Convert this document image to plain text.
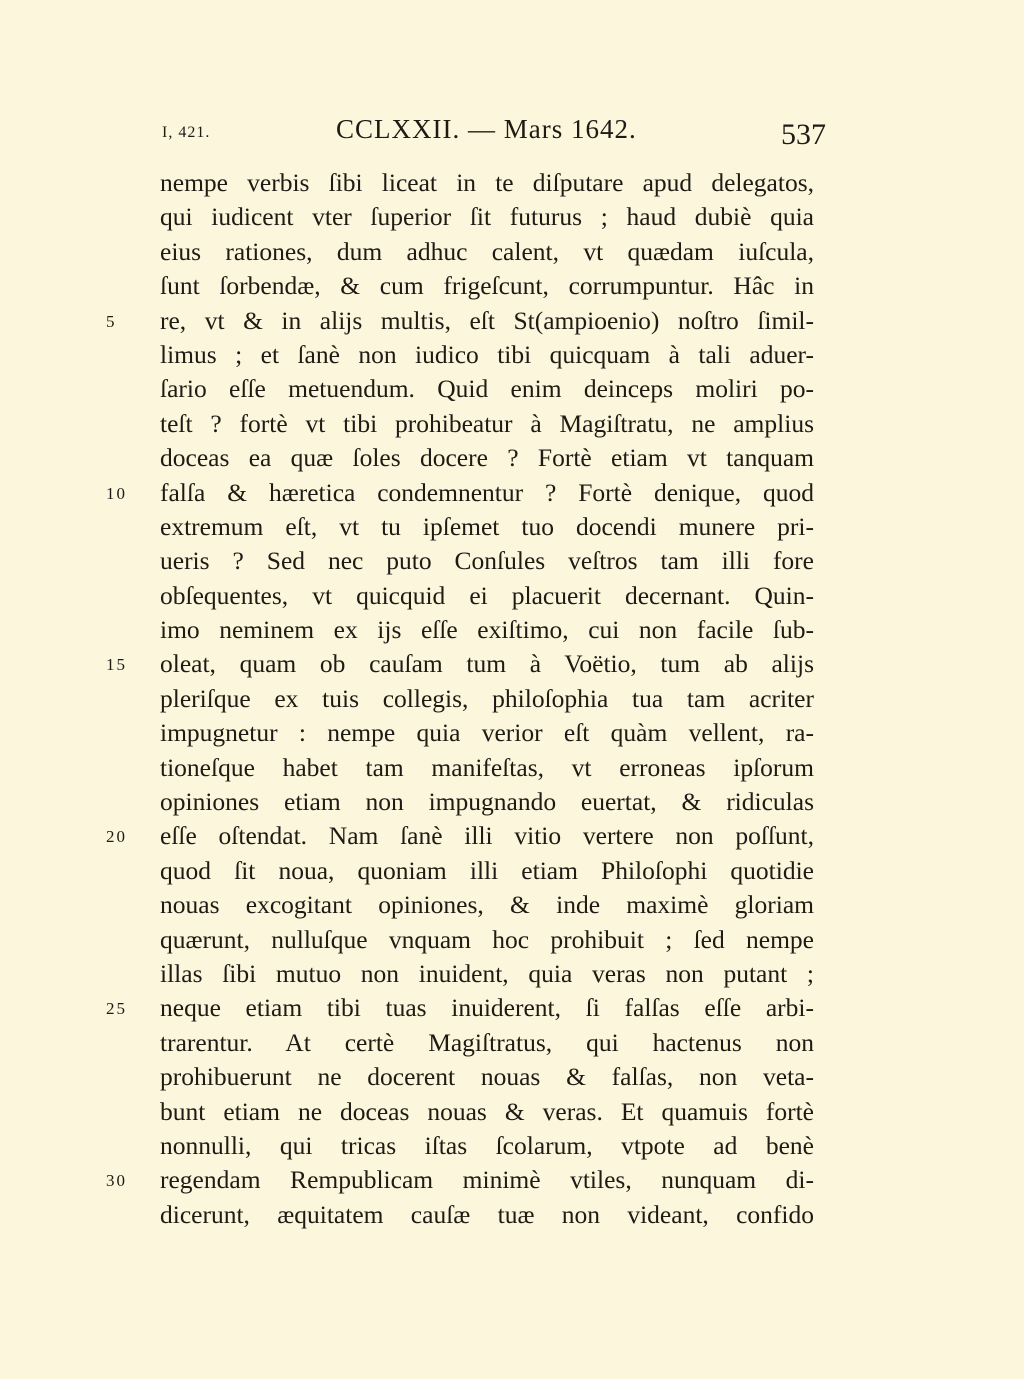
I, 421.	CCLXXII. — Mars 1642.	537
nempe verbis ſibi liceat in te diſputare apud delegatos,
qui iudicent vter ſuperior ſit futurus ; haud dubiè quia
eius rationes, dum adhuc calent, vt quædam iuſcula,
ſunt ſorbendæ, & cum frigeſcunt, corrumpuntur. Hâc in
5	re, vt & in alijs multis, eſt St(ampioenio) noſtro ſimil-
limus ; et ſanè non iudico tibi quicquam à tali aduer-
ſario eſſe metuendum. Quid enim deinceps moliri po-
teſt ? fortè vt tibi prohibeatur à Magiſtratu, ne amplius
doceas ea quæ ſoles docere ? Fortè etiam vt tanquam
10	falſa & hæretica condemnentur ? Fortè denique, quod
extremum eſt, vt tu ipſemet tuo docendi munere pri-
ueris ? Sed nec puto Conſules veſtros tam illi fore
obſequentes, vt quicquid ei placuerit decernant. Quin-
imo neminem ex ijs eſſe exiſtimo, cui non facile ſub-
15	oleat, quam ob cauſam tum à Voëtio, tum ab alijs
pleriſque ex tuis collegis, philoſophia tua tam acriter
impugnetur : nempe quia verior eſt quàm vellent, ra-
tioneſque habet tam manifeſtas, vt erroneas ipſorum
opiniones etiam non impugnando euertat, & ridiculas
20	eſſe oſtendat. Nam ſanè illi vitio vertere non poſſunt,
quod ſit noua, quoniam illi etiam Philoſophi quotidie
nouas excogitant opiniones, & inde maximè gloriam
quærunt, nulluſque vnquam hoc prohibuit ; ſed nempe
illas ſibi mutuo non inuident, quia veras non putant ;
25	neque etiam tibi tuas inuiderent, ſi falſas eſſe arbi-
trarentur. At certè Magiſtratus, qui hactenus non
prohibuerunt ne docerent nouas & falſas, non veta-
bunt etiam ne doceas nouas & veras. Et quamuis fortè
nonnulli, qui tricas iſtas ſcolarum, vtpote ad benè
30	regendam Rempublicam minimè vtiles, nunquam di-
dicerunt, æquitatem cauſæ tuæ non videant, confido
